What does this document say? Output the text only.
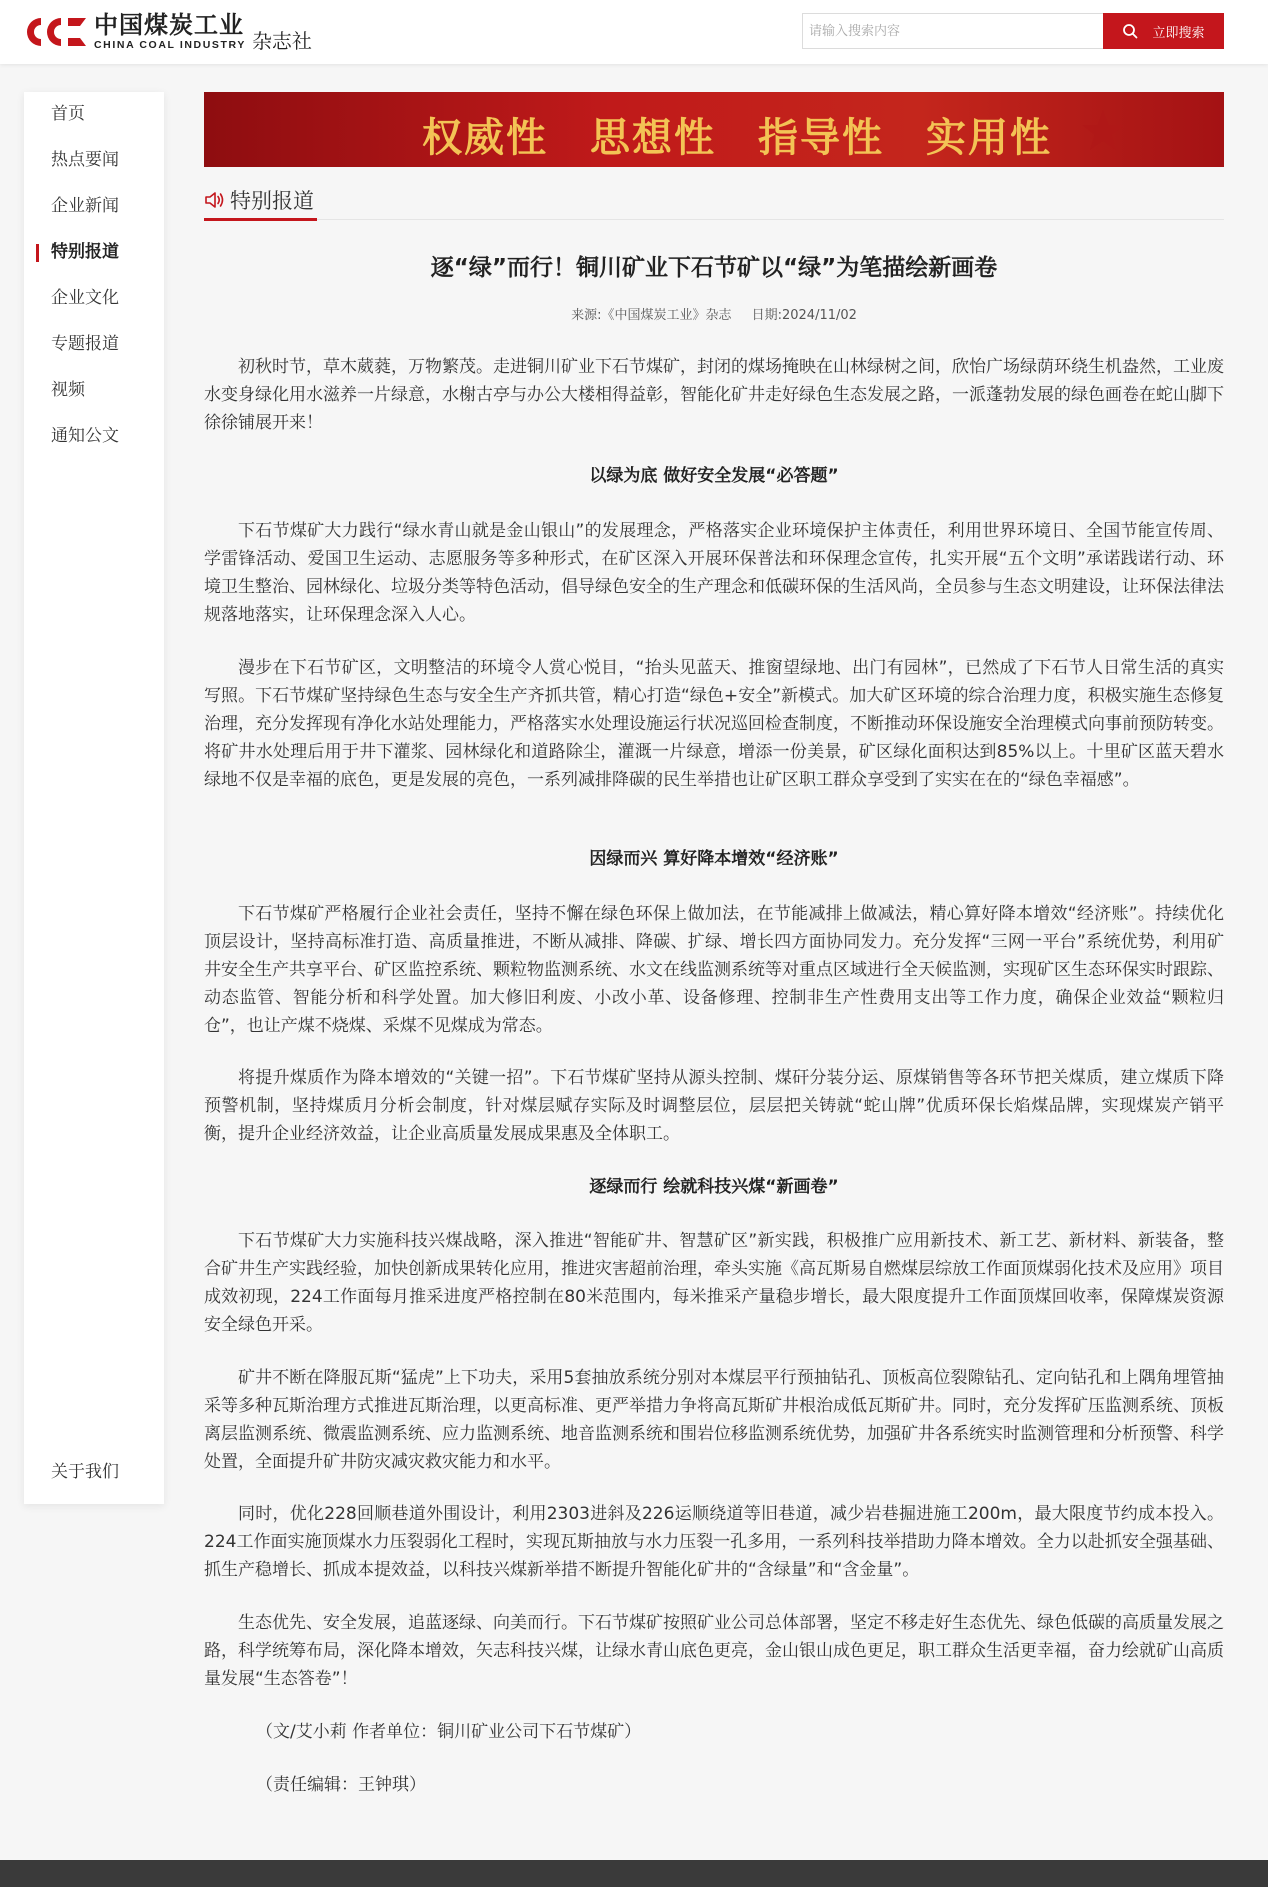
中国煤炭工业
CHINA COAL INDUSTRY 杂志社
请输入搜索内容	立即搜索
首页
热点要闻
企业新闻
特别报道
企业文化
专题报道
视频
通知公文
关于我们
权威性　思想性　指导性　实用性
特别报道
逐“绿”而行！铜川矿业下石节矿以“绿”为笔描绘新画卷
来源:《中国煤炭工业》杂志 日期:2024/11/02

初秋时节，草木葳蕤，万物繁茂。走进铜川矿业下石节煤矿，封闭的煤场掩映在山林绿树之间，欣怡广场绿荫环绕生机盎然，工业废水变身绿化用水滋养一片绿意，水榭古亭与办公大楼相得益彰，智能化矿井走好绿色生态发展之路，一派蓬勃发展的绿色画卷在蛇山脚下徐徐铺展开来！

以绿为底 做好安全发展“必答题”

下石节煤矿大力践行“绿水青山就是金山银山”的发展理念，严格落实企业环境保护主体责任，利用世界环境日、全国节能宣传周、学雷锋活动、爱国卫生运动、志愿服务等多种形式，在矿区深入开展环保普法和环保理念宣传，扎实开展“五个文明”承诺践诺行动、环境卫生整治、园林绿化、垃圾分类等特色活动，倡导绿色安全的生产理念和低碳环保的生活风尚，全员参与生态文明建设，让环保法律法规落地落实，让环保理念深入人心。

漫步在下石节矿区，文明整洁的环境令人赏心悦目，“抬头见蓝天、推窗望绿地、出门有园林”，已然成了下石节人日常生活的真实写照。下石节煤矿坚持绿色生态与安全生产齐抓共管，精心打造“绿色+安全”新模式。加大矿区环境的综合治理力度，积极实施生态修复治理，充分发挥现有净化水站处理能力，严格落实水处理设施运行状况巡回检查制度，不断推动环保设施安全治理模式向事前预防转变。将矿井水处理后用于井下灌浆、园林绿化和道路除尘，灌溉一片绿意，增添一份美景，矿区绿化面积达到85%以上。十里矿区蓝天碧水绿地不仅是幸福的底色，更是发展的亮色，一系列减排降碳的民生举措也让矿区职工群众享受到了实实在在的“绿色幸福感”。

因绿而兴 算好降本增效“经济账”

下石节煤矿严格履行企业社会责任，坚持不懈在绿色环保上做加法，在节能减排上做减法，精心算好降本增效“经济账”。持续优化顶层设计，坚持高标准打造、高质量推进，不断从减排、降碳、扩绿、增长四方面协同发力。充分发挥“三网一平台”系统优势，利用矿井安全生产共享平台、矿区监控系统、颗粒物监测系统、水文在线监测系统等对重点区域进行全天候监测，实现矿区生态环保实时跟踪、动态监管、智能分析和科学处置。加大修旧利废、小改小革、设备修理、控制非生产性费用支出等工作力度，确保企业效益“颗粒归仓”，也让产煤不烧煤、采煤不见煤成为常态。

将提升煤质作为降本增效的“关键一招”。下石节煤矿坚持从源头控制、煤矸分装分运、原煤销售等各环节把关煤质，建立煤质下降预警机制，坚持煤质月分析会制度，针对煤层赋存实际及时调整层位，层层把关铸就“蛇山牌”优质环保长焰煤品牌，实现煤炭产销平衡，提升企业经济效益，让企业高质量发展成果惠及全体职工。

逐绿而行 绘就科技兴煤“新画卷”

下石节煤矿大力实施科技兴煤战略，深入推进“智能矿井、智慧矿区”新实践，积极推广应用新技术、新工艺、新材料、新装备，整合矿井生产实践经验，加快创新成果转化应用，推进灾害超前治理，牵头实施《高瓦斯易自燃煤层综放工作面顶煤弱化技术及应用》项目成效初现，224工作面每月推采进度严格控制在80米范围内，每米推采产量稳步增长，最大限度提升工作面顶煤回收率，保障煤炭资源安全绿色开采。

矿井不断在降服瓦斯“猛虎”上下功夫，采用5套抽放系统分别对本煤层平行预抽钻孔、顶板高位裂隙钻孔、定向钻孔和上隅角埋管抽采等多种瓦斯治理方式推进瓦斯治理，以更高标准、更严举措力争将高瓦斯矿井根治成低瓦斯矿井。同时，充分发挥矿压监测系统、顶板离层监测系统、微震监测系统、应力监测系统、地音监测系统和围岩位移监测系统优势，加强矿井各系统实时监测管理和分析预警、科学处置，全面提升矿井防灾减灾救灾能力和水平。

同时，优化228回顺巷道外围设计，利用2303进斜及226运顺绕道等旧巷道，减少岩巷掘进施工200m，最大限度节约成本投入。224工作面实施顶煤水力压裂弱化工程时，实现瓦斯抽放与水力压裂一孔多用，一系列科技举措助力降本增效。全力以赴抓安全强基础、抓生产稳增长、抓成本提效益，以科技兴煤新举措不断提升智能化矿井的“含绿量”和“含金量”。

生态优先、安全发展，追蓝逐绿、向美而行。下石节煤矿按照矿业公司总体部署，坚定不移走好生态优先、绿色低碳的高质量发展之路，科学统筹布局，深化降本增效，矢志科技兴煤，让绿水青山底色更亮，金山银山成色更足，职工群众生活更幸福，奋力绘就矿山高质量发展“生态答卷”！

（文/艾小莉 作者单位：铜川矿业公司下石节煤矿）
（责任编辑：王钟琪）
